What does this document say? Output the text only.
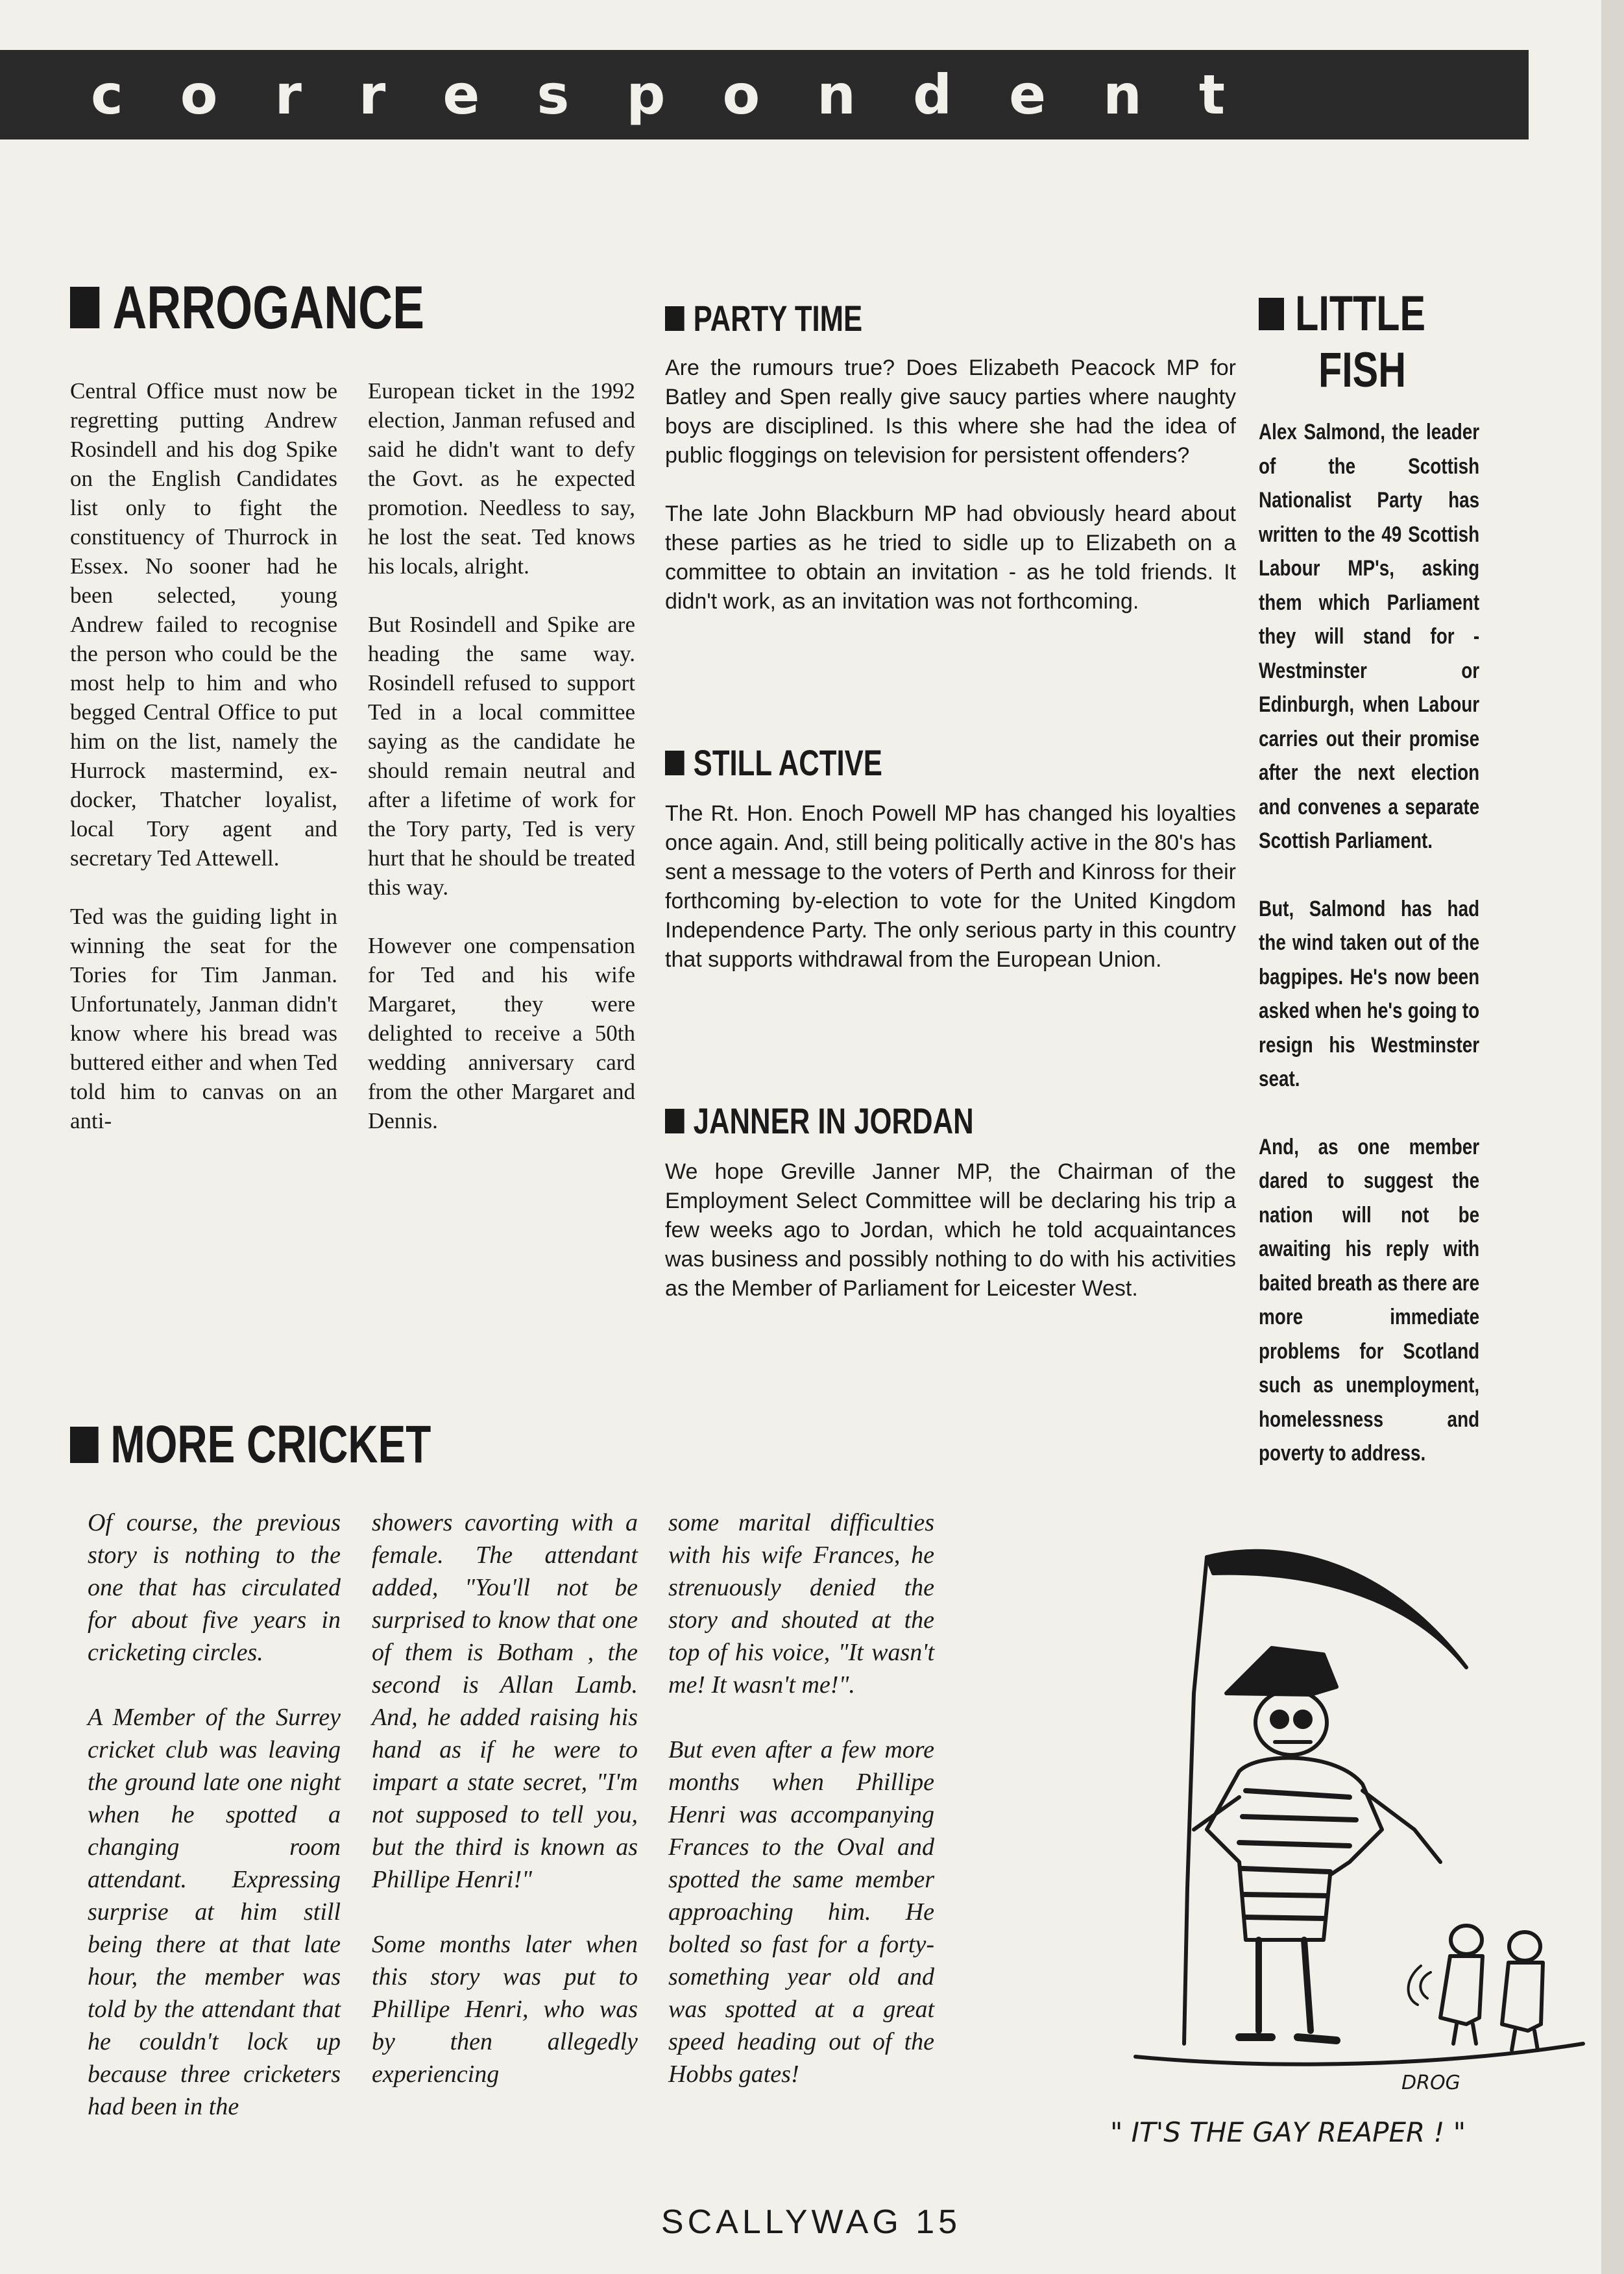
correspondent
ARROGANCE

Central Office must now be regretting putting Andrew Rosindell and his dog Spike on the English Candidates list only to fight the constituency of Thurrock in Essex. No sooner had he been selected, young Andrew failed to recognise the person who could be the most help to him and who begged Central Office to put him on the list, namely the Hurrock mastermind, ex-docker, Thatcher loyalist, local Tory agent and secretary Ted Attewell.

Ted was the guiding light in winning the seat for the Tories for Tim Janman. Unfortunately, Janman didn't know where his bread was buttered either and when Ted told him to canvas on an anti-

European ticket in the 1992 election, Janman refused and said he didn't want to defy the Govt. as he expected promotion. Needless to say, he lost the seat. Ted knows his locals, alright.

But Rosindell and Spike are heading the same way. Rosindell refused to support Ted in a local committee saying as the candidate he should remain neutral and after a lifetime of work for the Tory party, Ted is very hurt that he should be treated this way.

However one compensation for Ted and his wife Margaret, they were delighted to receive a 50th wedding anniversary card from the other Margaret and Dennis.

PARTY TIME

Are the rumours true? Does Elizabeth Peacock MP for Batley and Spen really give saucy parties where naughty boys are disciplined. Is this where she had the idea of public floggings on television for persistent offenders?

The late John Blackburn MP had obviously heard about these parties as he tried to sidle up to Elizabeth on a committee to obtain an invitation - as he told friends. It didn't work, as an invitation was not forthcoming.

STILL ACTIVE

The Rt. Hon. Enoch Powell MP has changed his loyalties once again. And, still being politically active in the 80's has sent a message to the voters of Perth and Kinross for their forthcoming by-election to vote for the United Kingdom Independence Party. The only serious party in this country that supports withdrawal from the European Union.

JANNER IN JORDAN

We hope Greville Janner MP, the Chairman of the Employment Select Committee will be declaring his trip a few weeks ago to Jordan, which he told acquaintances was business and possibly nothing to do with his activities as the Member of Parliament for Leicester West.

LITTLE
FISH

Alex Salmond, the leader of the Scottish Nationalist Party has written to the 49 Scottish Labour MP's, asking them which Parliament they will stand for - Westminster or Edinburgh, when Labour carries out their promise after the next election and convenes a separate Scottish Parliament.

But, Salmond has had the wind taken out of the bagpipes. He's now been asked when he's going to resign his Westminster seat.

And, as one member dared to suggest the nation will not be awaiting his reply with baited breath as there are more immediate problems for Scotland such as unemployment, homelessness and poverty to address.

MORE CRICKET

Of course, the previous story is nothing to the one that has circulated for about five years in cricketing circles.

A Member of the Surrey cricket club was leaving the ground late one night when he spotted a changing room attendant. Expressing surprise at him still being there at that late hour, the member was told by the attendant that he couldn't lock up because three cricketers had been in the

showers cavorting with a female. The attendant added, "You'll not be surprised to know that one of them is Botham , the second is Allan Lamb. And, he added raising his hand as if he were to impart a state secret, "I'm not supposed to tell you, but the third is known as Phillipe Henri!"

Some months later when this story was put to Phillipe Henri, who was by then allegedly experiencing

some marital difficulties with his wife Frances, he strenuously denied the story and shouted at the top of his voice, "It wasn't me! It wasn't me!".

But even after a few more months when Phillipe Henri was accompanying Frances to the Oval and spotted the same member approaching him. He bolted so fast for a forty-something year old and was spotted at a great speed heading out of the Hobbs gates!	DROG
" IT'S THE GAY REAPER ! "
SCALLYWAG 15
